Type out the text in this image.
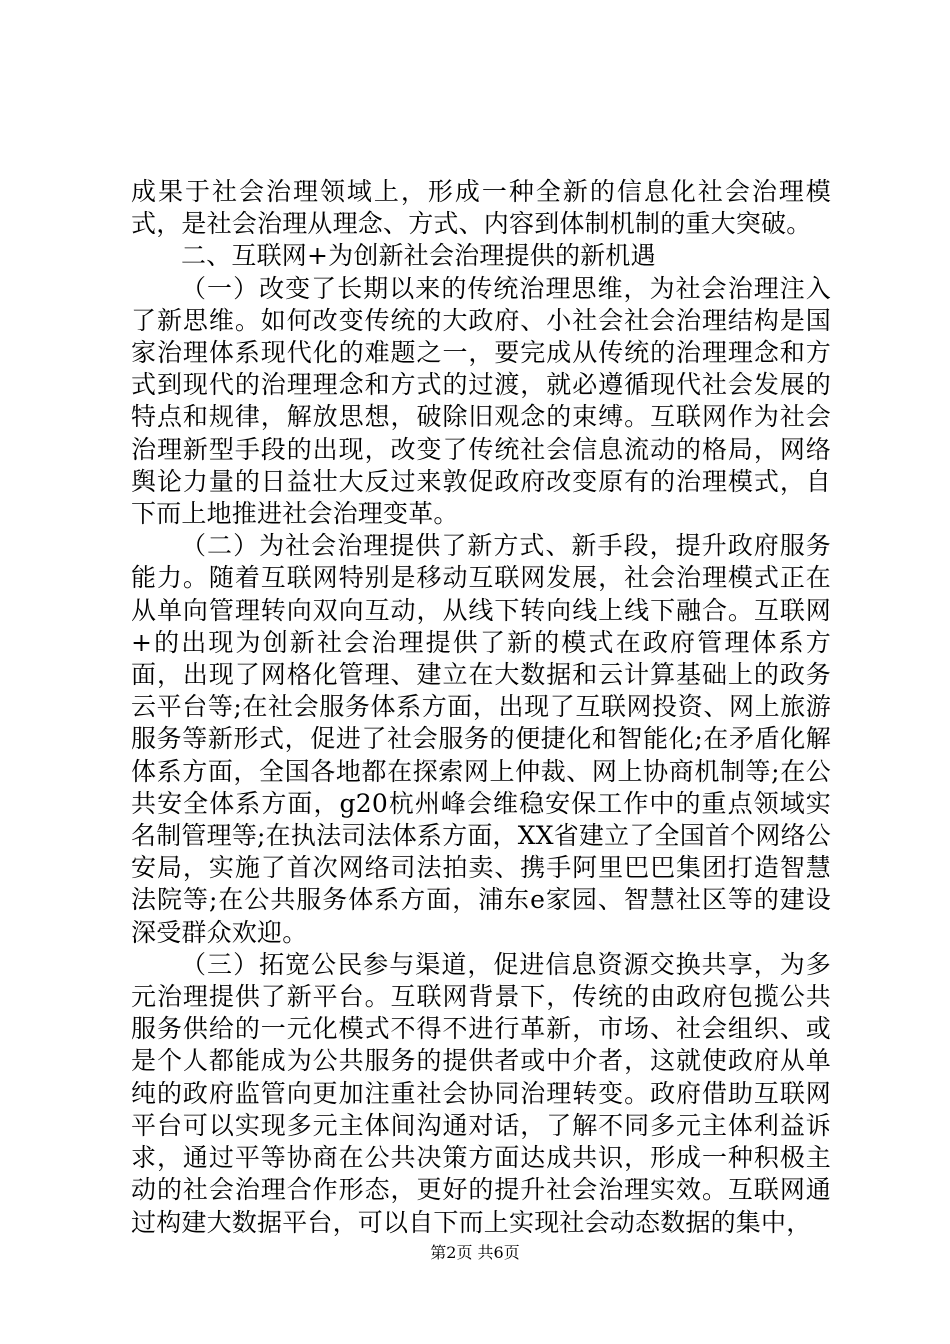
成果于社会治理领域上，形成一种全新的信息化社会治理模式，是社会治理从理念、方式、内容到体制机制的重大突破。

二、互联网+为创新社会治理提供的新机遇

（一）改变了长期以来的传统治理思维，为社会治理注入了新思维。如何改变传统的大政府、小社会社会治理结构是国家治理体系现代化的难题之一，要完成从传统的治理理念和方式到现代的治理理念和方式的过渡，就必遵循现代社会发展的特点和规律，解放思想，破除旧观念的束缚。互联网作为社会治理新型手段的出现，改变了传统社会信息流动的格局，网络舆论力量的日益壮大反过来敦促政府改变原有的治理模式，自下而上地推进社会治理变革。

（二）为社会治理提供了新方式、新手段，提升政府服务能力。随着互联网特别是移动互联网发展，社会治理模式正在从单向管理转向双向互动，从线下转向线上线下融合。互联网+的出现为创新社会治理提供了新的模式在政府管理体系方面，出现了网格化管理、建立在大数据和云计算基础上的政务云平台等;在社会服务体系方面，出现了互联网投资、网上旅游服务等新形式，促进了社会服务的便捷化和智能化;在矛盾化解体系方面，全国各地都在探索网上仲裁、网上协商机制等;在公共安全体系方面，g20杭州峰会维稳安保工作中的重点领域实名制管理等;在执法司法体系方面，XX省建立了全国首个网络公安局，实施了首次网络司法拍卖、携手阿里巴巴集团打造智慧法院等;在公共服务体系方面，浦东e家园、智慧社区等的建设深受群众欢迎。

（三）拓宽公民参与渠道，促进信息资源交换共享，为多元治理提供了新平台。互联网背景下，传统的由政府包揽公共服务供给的一元化模式不得不进行革新，市场、社会组织、或是个人都能成为公共服务的提供者或中介者，这就使政府从单纯的政府监管向更加注重社会协同治理转变。政府借助互联网平台可以实现多元主体间沟通对话，了解不同多元主体利益诉求，通过平等协商在公共决策方面达成共识，形成一种积极主动的社会治理合作形态，更好的提升社会治理实效。互联网通过构建大数据平台，可以自下而上实现社会动态数据的集中，

第2页 共6页
